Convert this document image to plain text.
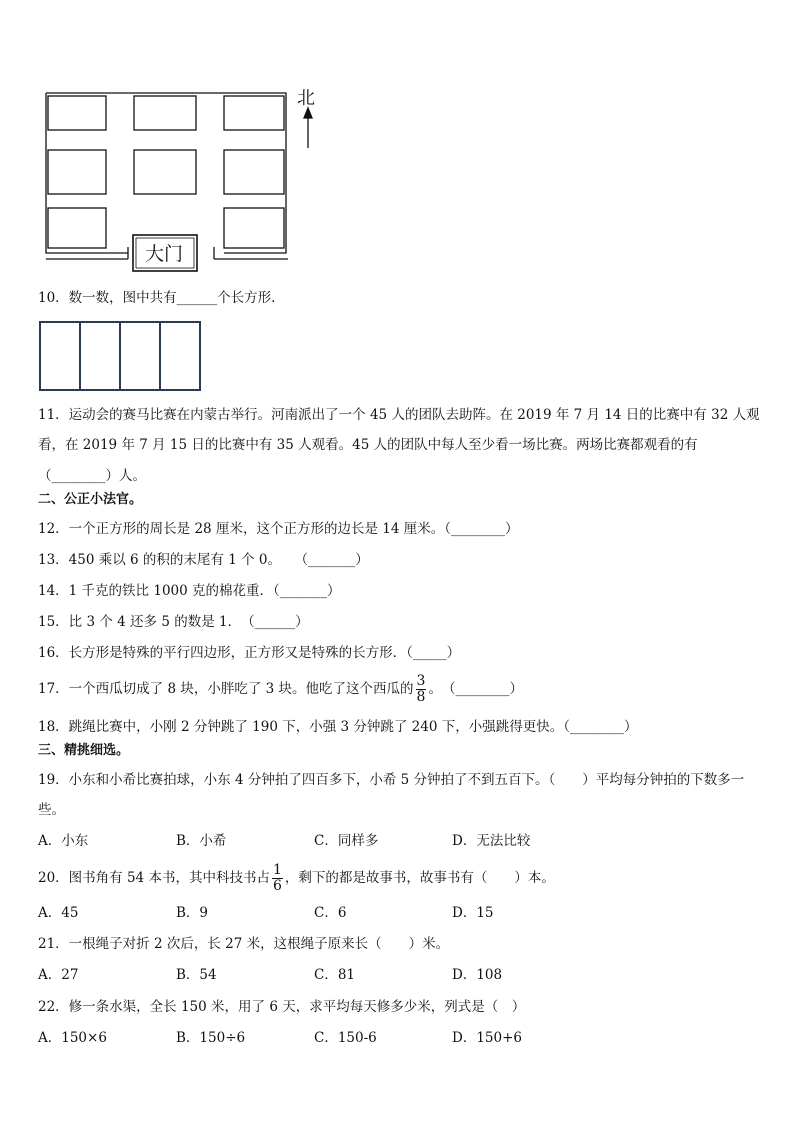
北
大门
10．数一数，图中共有______个长方形.
11．运动会的赛马比赛在内蒙古举行。河南派出了一个 45 人的团队去助阵。在 2019 年 7 月 14 日的比赛中有 32 人观
看，在 2019 年 7 月 15 日的比赛中有 35 人观看。45 人的团队中每人至少看一场比赛。两场比赛都观看的有
（________）人。
二、公正小法官。
12．一个正方形的周长是 28 厘米，这个正方形的边长是 14 厘米。（________）
13．450 乘以 6 的积的末尾有 1 个 0。　　（_______）
14．1 千克的铁比 1000 克的棉花重．（_______）
15．比 3 个 4 还多 5 的数是 1．　（______）
16．长方形是特殊的平行四边形，正方形又是特殊的长方形．（_____）
17．一个西瓜切成了 8 块，小胖吃了 3 块。他吃了这个西瓜的 $\frac{3}{8}$ 。　（________）
18．跳绳比赛中，小刚 2 分钟跳了 190 下，小强 3 分钟跳了 240 下，小强跳得更快。（________）
三、精挑细选。
19．小东和小希比赛拍球，小东 4 分钟拍了四百多下，小希 5 分钟拍了不到五百下。（　　）平均每分钟拍的下数多一
些。
A．小东	B．小希	C．同样多	D．无法比较
20．图书角有 54 本书，其中科技书占 $\frac{1}{6}$ ，剩下的都是故事书，故事书有（　　）本。
A．45	B．9	C．6	D．15
21．一根绳子对折 2 次后，长 27 米，这根绳子原来长（　　）米。
A．27	B．54	C．81	D．108
22．修一条水渠，全长 150 米，用了 6 天，求平均每天修多少米，列式是（　）
A．150×6	B．150÷6	C．150-6	D．150+6
